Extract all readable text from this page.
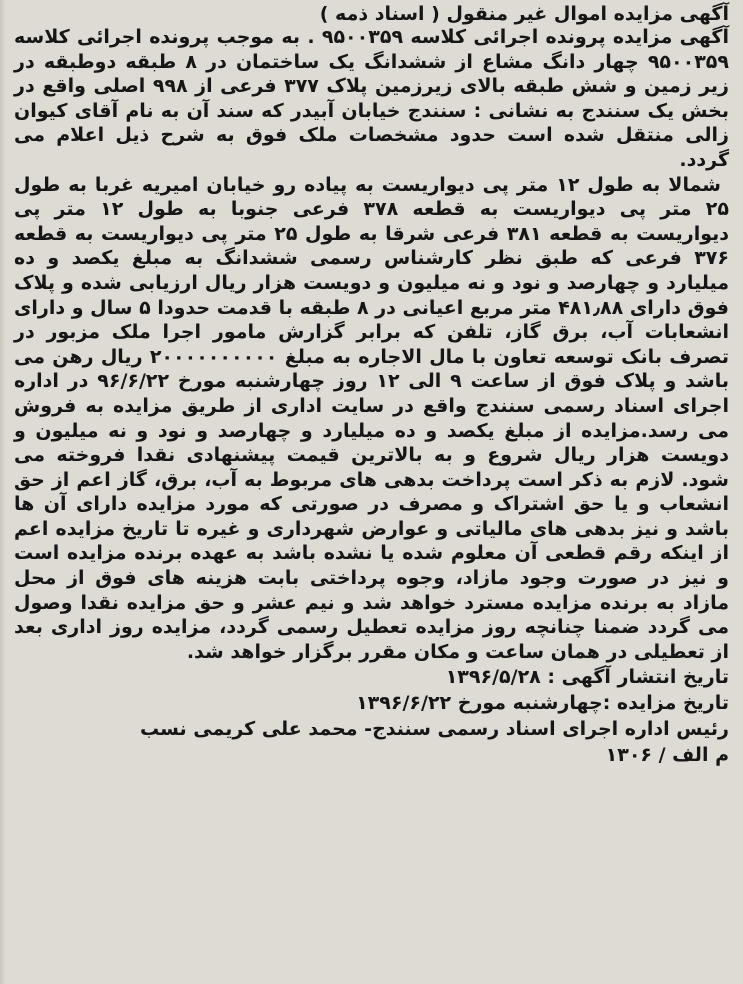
آگهی مزایده اموال غیر منقول ( اسناد ذمه )

آگهی مزایده پرونده اجرائی کلاسه ۹۵۰۰۳۵۹ . به موجب پرونده اجرائی کلاسه ۹۵۰۰۳۵۹ چهار دانگ مشاع از ششدانگ یک ساختمان در ۸ طبقه دوطبقه در زیر زمین و شش طبقه بالای زیرزمین پلاک ۳۷۷ فرعی از ۹۹۸ اصلی واقع در بخش یک سنندج به نشانی : سنندج خیابان آبیدر که سند آن به نام آقای کیوان زالی منتقل شده است حدود مشخصات ملک فوق به شرح ذیل اعلام می گردد.

شمالا به طول ۱۲ متر پی دیواریست به پیاده رو خیابان امیریه غربا به طول ۲۵ متر پی دیواریست به قطعه ۳۷۸ فرعی جنوبا به طول ۱۲ متر پی دیواریست به قطعه ۳۸۱ فرعی شرقا به طول ۲۵ متر پی دیواریست به قطعه ۳۷۶ فرعی که طبق نظر کارشناس رسمی ششدانگ به مبلغ یکصد و ده میلیارد و چهارصد و نود و نه میلیون و دویست هزار ریال ارزیابی شده و پلاک فوق دارای ۴۸۱٫۸۸ متر مربع اعیانی در ۸ طبقه با قدمت حدودا ۵ سال و دارای انشعابات آب، برق گاز، تلفن که برابر گزارش مامور اجرا ملک مزبور در تصرف بانک توسعه تعاون با مال الاجاره به مبلغ ۲۰۰۰۰۰۰۰۰۰۰ ریال رهن می باشد و پلاک فوق از ساعت ۹ الی ۱۲ روز چهارشنبه مورخ ۹۶/۶/۲۲ در اداره اجرای اسناد رسمی سنندج واقع در سایت اداری از طریق مزایده به فروش می رسد.مزایده از مبلغ یکصد و ده میلیارد و چهارصد و نود و نه میلیون و دویست هزار ریال شروع و به بالاترین قیمت پیشنهادی نقدا فروخته می شود. لازم به ذکر است پرداخت بدهی های مربوط به آب، برق، گاز اعم از حق انشعاب و یا حق اشتراک و مصرف در صورتی که مورد مزایده دارای آن ها باشد و نیز بدهی های مالیاتی و عوارض شهرداری و غیره تا تاریخ مزایده اعم از اینکه رقم قطعی آن معلوم شده یا نشده باشد به عهده برنده مزایده است و نیز در صورت وجود مازاد، وجوه پرداختی بابت هزینه های فوق از محل مازاد به برنده مزایده مسترد خواهد شد و نیم عشر و حق مزایده نقدا وصول می گردد ضمنا چنانچه روز مزایده تعطیل رسمی گردد، مزایده روز اداری بعد از تعطیلی در همان ساعت و مکان مقرر برگزار خواهد شد.

تاریخ انتشار آگهی : ۱۳۹۶/۵/۲۸

تاریخ مزایده :چهارشنبه مورخ ۱۳۹۶/۶/۲۲

رئیس اداره اجرای اسناد رسمی سنندج- محمد علی کریمی نسب

م الف / ۱۳۰۶
